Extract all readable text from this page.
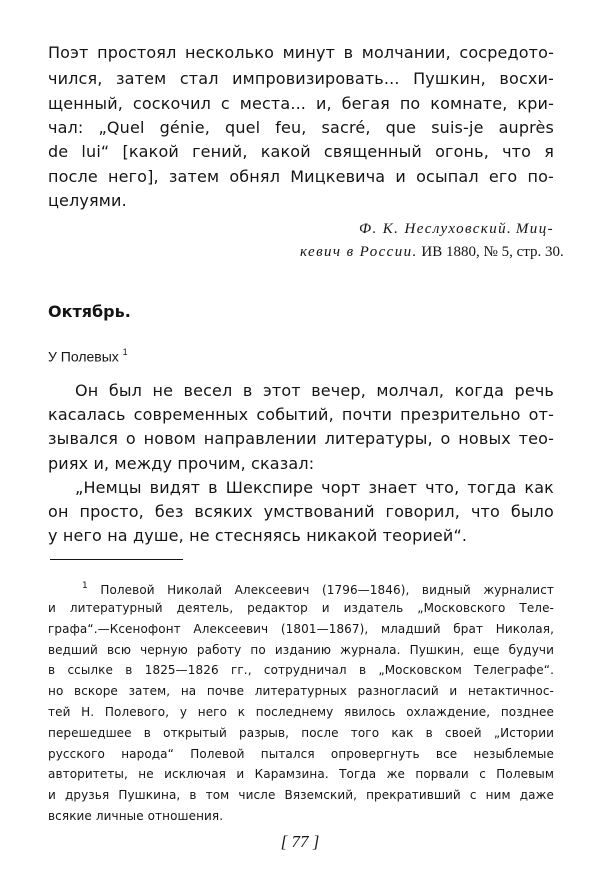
Поэт простоял несколько минут в молчании, сосредото-
чился, затем стал импровизировать... Пушкин, восхи-
щенный, соскочил с места... и, бегая по комнате, кри-
чал: „Quel génie, quel feu, sacré, que suis-je auprès
de lui“ [какой гений, какой священный огонь, что я
после него], затем обнял Мицкевича и осыпал его по-
целуями.
Ф. К. Нeслуховский. Миц-
кевич в России. ИВ 1880, № 5, стр. 30.
Октябрь.
У Полевых $^1$
Он был не весел в этот вечер, молчал, когда речь
касалась современных событий, почти презрительно от-
зывался о новом направлении литературы, о новых тео-
риях и, между прочим, сказал:
„Немцы видят в Шекспире чорт знает что, тогда как
он просто, без всяких умствований говорил, что было
у него на душе, не стесняясь никакой теорией“.
$^1$ Полевой Николай Алексеевич (1796—1846), видный журналист
и литературный деятель, редактор и издатель „Московского Теле-
графа“.—Ксенофонт Алексеевич (1801—1867), младший брат Николая,
ведший всю черную работу по изданию журнала. Пушкин, еще будучи
в ссылке в 1825—1826 гг., сотрудничал в „Московском Телеграфе“.
но вскоре затем, на почве литературных разногласий и нетактичнос-
тей Н. Полевого, у него к последнему явилось охлаждение, позднее
перешедшее в открытый разрыв, после того как в своей „Истории
русского народа“ Полевой пытался опровергнуть все незыблемые
авторитеты, не исключая и Карамзина. Тогда же порвали с Полевым
и друзья Пушкина, в том числе Вяземский, прекративший с ним даже
всякие личные отношения.
[ 77 ]
